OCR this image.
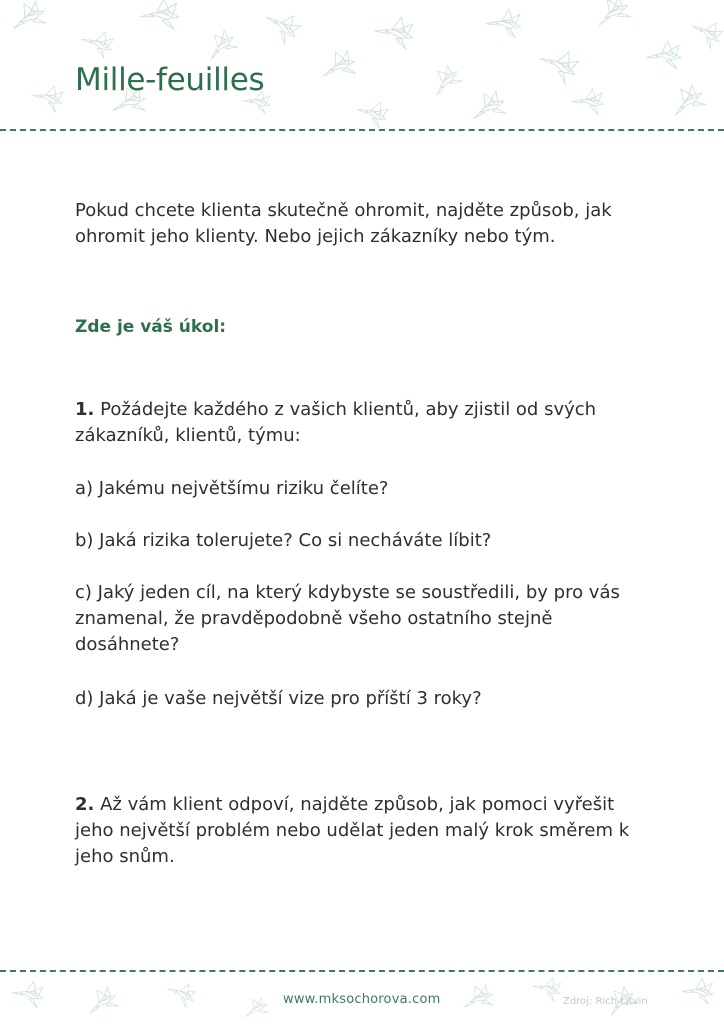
Mille-feuilles

Pokud chcete klienta skutečně ohromit, najděte způsob, jak ohromit jeho klienty. Nebo jejich zákazníky nebo tým.

Zde je váš úkol:

1. Požádejte každého z vašich klientů, aby zjistil od svých zákazníků, klientů, týmu:

a) Jakému největšímu riziku čelíte?

b) Jaká rizika tolerujete? Co si necháváte líbit?

c) Jaký jeden cíl, na který kdybyste se soustředili, by pro vás znamenal, že pravděpodobně všeho ostatního stejně dosáhnete?

d) Jaká je vaše největší vize pro příští 3 roky?

2. Až vám klient odpoví, najděte způsob, jak pomoci vyřešit jeho největší problém nebo udělat jeden malý krok směrem k jeho snům.

www.mksochorova.com	Zdroj: Rich Litvin
